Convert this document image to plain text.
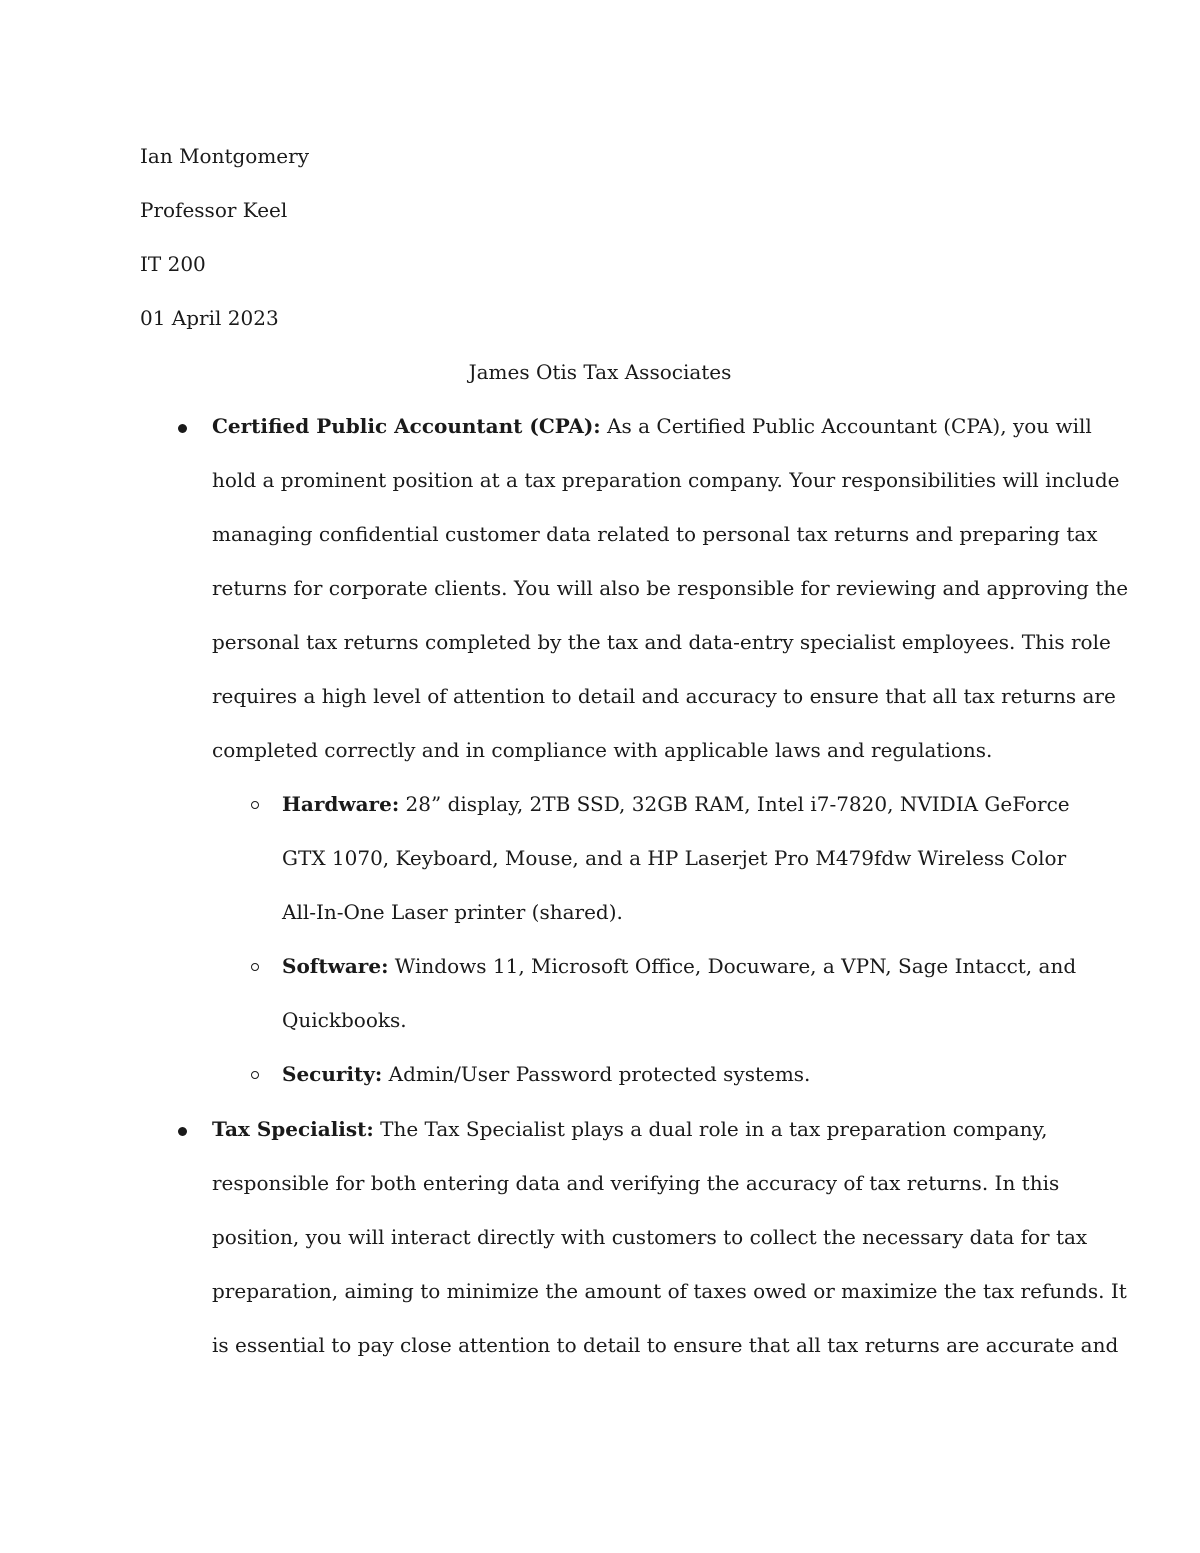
Ian Montgomery
Professor Keel
IT 200
01 April 2023
James Otis Tax Associates
Certified Public Accountant (CPA): As a Certified Public Accountant (CPA), you will
hold a prominent position at a tax preparation company. Your responsibilities will include
managing confidential customer data related to personal tax returns and preparing tax
returns for corporate clients. You will also be responsible for reviewing and approving the
personal tax returns completed by the tax and data-entry specialist employees. This role
requires a high level of attention to detail and accuracy to ensure that all tax returns are
completed correctly and in compliance with applicable laws and regulations.
Hardware: 28” display, 2TB SSD, 32GB RAM, Intel i7-7820, NVIDIA GeForce
GTX 1070, Keyboard, Mouse, and a HP Laserjet Pro M479fdw Wireless Color
All-In-One Laser printer (shared).
Software: Windows 11, Microsoft Office, Docuware, a VPN, Sage Intacct, and
Quickbooks.
Security: Admin/User Password protected systems.
Tax Specialist: The Tax Specialist plays a dual role in a tax preparation company,
responsible for both entering data and verifying the accuracy of tax returns. In this
position, you will interact directly with customers to collect the necessary data for tax
preparation, aiming to minimize the amount of taxes owed or maximize the tax refunds. It
is essential to pay close attention to detail to ensure that all tax returns are accurate and
